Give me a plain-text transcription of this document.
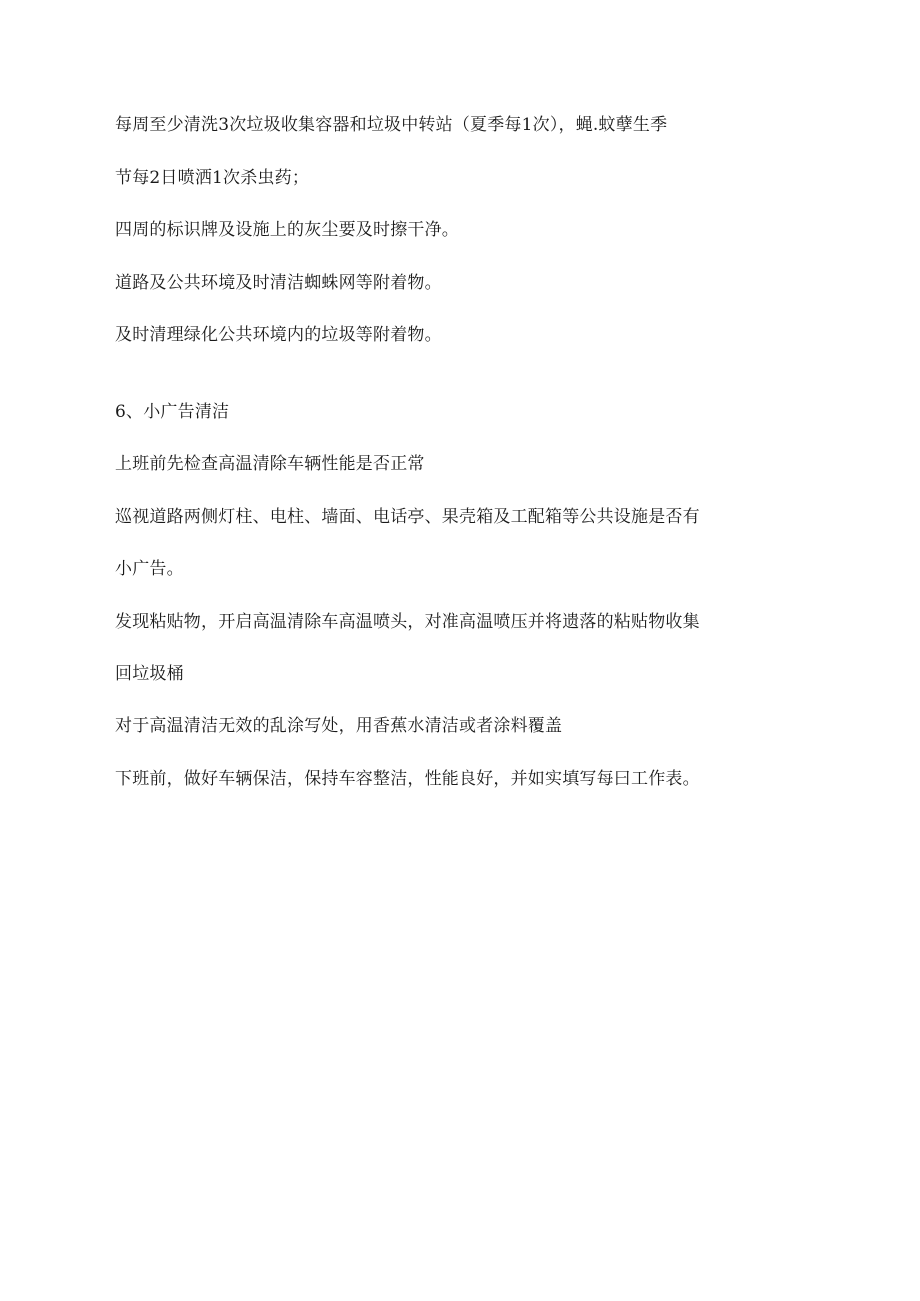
每周至少清洗3次垃圾收集容器和垃圾中转站（夏季每1次），蝇.蚊孽生季
节每2日喷洒1次杀虫药；
四周的标识牌及设施上的灰尘要及时擦干净。
道路及公共环境及时清洁蜘蛛网等附着物。
及时清理绿化公共环境内的垃圾等附着物。
6、小广告清洁
上班前先检查高温清除车辆性能是否正常
巡视道路两侧灯柱、电柱、墙面、电话亭、果壳箱及工配箱等公共设施是否有
小广告。
发现粘贴物，开启高温清除车高温喷头，对准高温喷压并将遗落的粘贴物收集
回垃圾桶
对于高温清洁无效的乱涂写处，用香蕉水清洁或者涂料覆盖
下班前，做好车辆保洁，保持车容整洁，性能良好，并如实填写每曰工作表。
